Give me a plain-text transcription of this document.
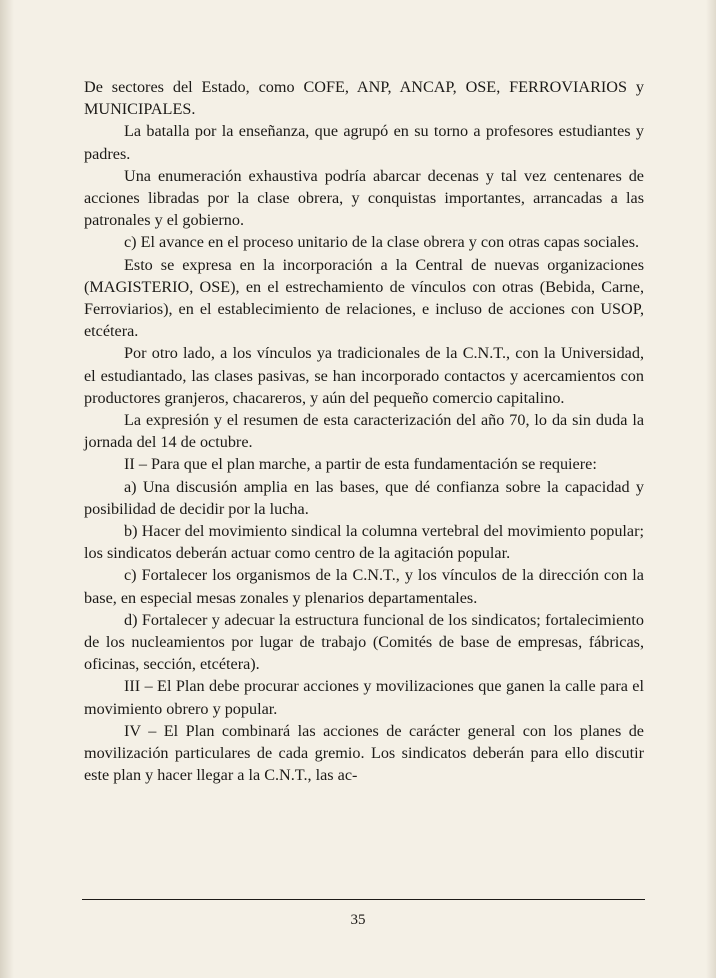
De sectores del Estado, como COFE, ANP, ANCAP, OSE, FERROVIARIOS y MUNICIPALES.

La batalla por la enseñanza, que agrupó en su torno a profesores estudiantes y padres.

Una enumeración exhaustiva podría abarcar decenas y tal vez centenares de acciones libradas por la clase obrera, y conquistas importantes, arrancadas a las patronales y el gobierno.

c) El avance en el proceso unitario de la clase obrera y con otras capas sociales.

Esto se expresa en la incorporación a la Central de nuevas organizaciones (MAGISTERIO, OSE), en el estrechamiento de vínculos con otras (Bebida, Carne, Ferroviarios), en el establecimiento de relaciones, e incluso de acciones con USOP, etcétera.

Por otro lado, a los vínculos ya tradicionales de la C.N.T., con la Universidad, el estudiantado, las clases pasivas, se han incorporado contactos y acercamientos con productores granjeros, chacareros, y aún del pequeño comercio capitalino.

La expresión y el resumen de esta caracterización del año 70, lo da sin duda la jornada del 14 de octubre.

II – Para que el plan marche, a partir de esta fundamentación se requiere:

a) Una discusión amplia en las bases, que dé confianza sobre la capacidad y posibilidad de decidir por la lucha.

b) Hacer del movimiento sindical la columna vertebral del movimiento popular; los sindicatos deberán actuar como centro de la agitación popular.

c) Fortalecer los organismos de la C.N.T., y los vínculos de la dirección con la base, en especial mesas zonales y plenarios departamentales.

d) Fortalecer y adecuar la estructura funcional de los sindicatos; fortalecimiento de los nucleamientos por lugar de trabajo (Comités de base de empresas, fábricas, oficinas, sección, etcétera).

III – El Plan debe procurar acciones y movilizaciones que ganen la calle para el movimiento obrero y popular.

IV – El Plan combinará las acciones de carácter general con los planes de movilización particulares de cada gremio. Los sindicatos deberán para ello discutir este plan y hacer llegar a la C.N.T., las ac-

35
